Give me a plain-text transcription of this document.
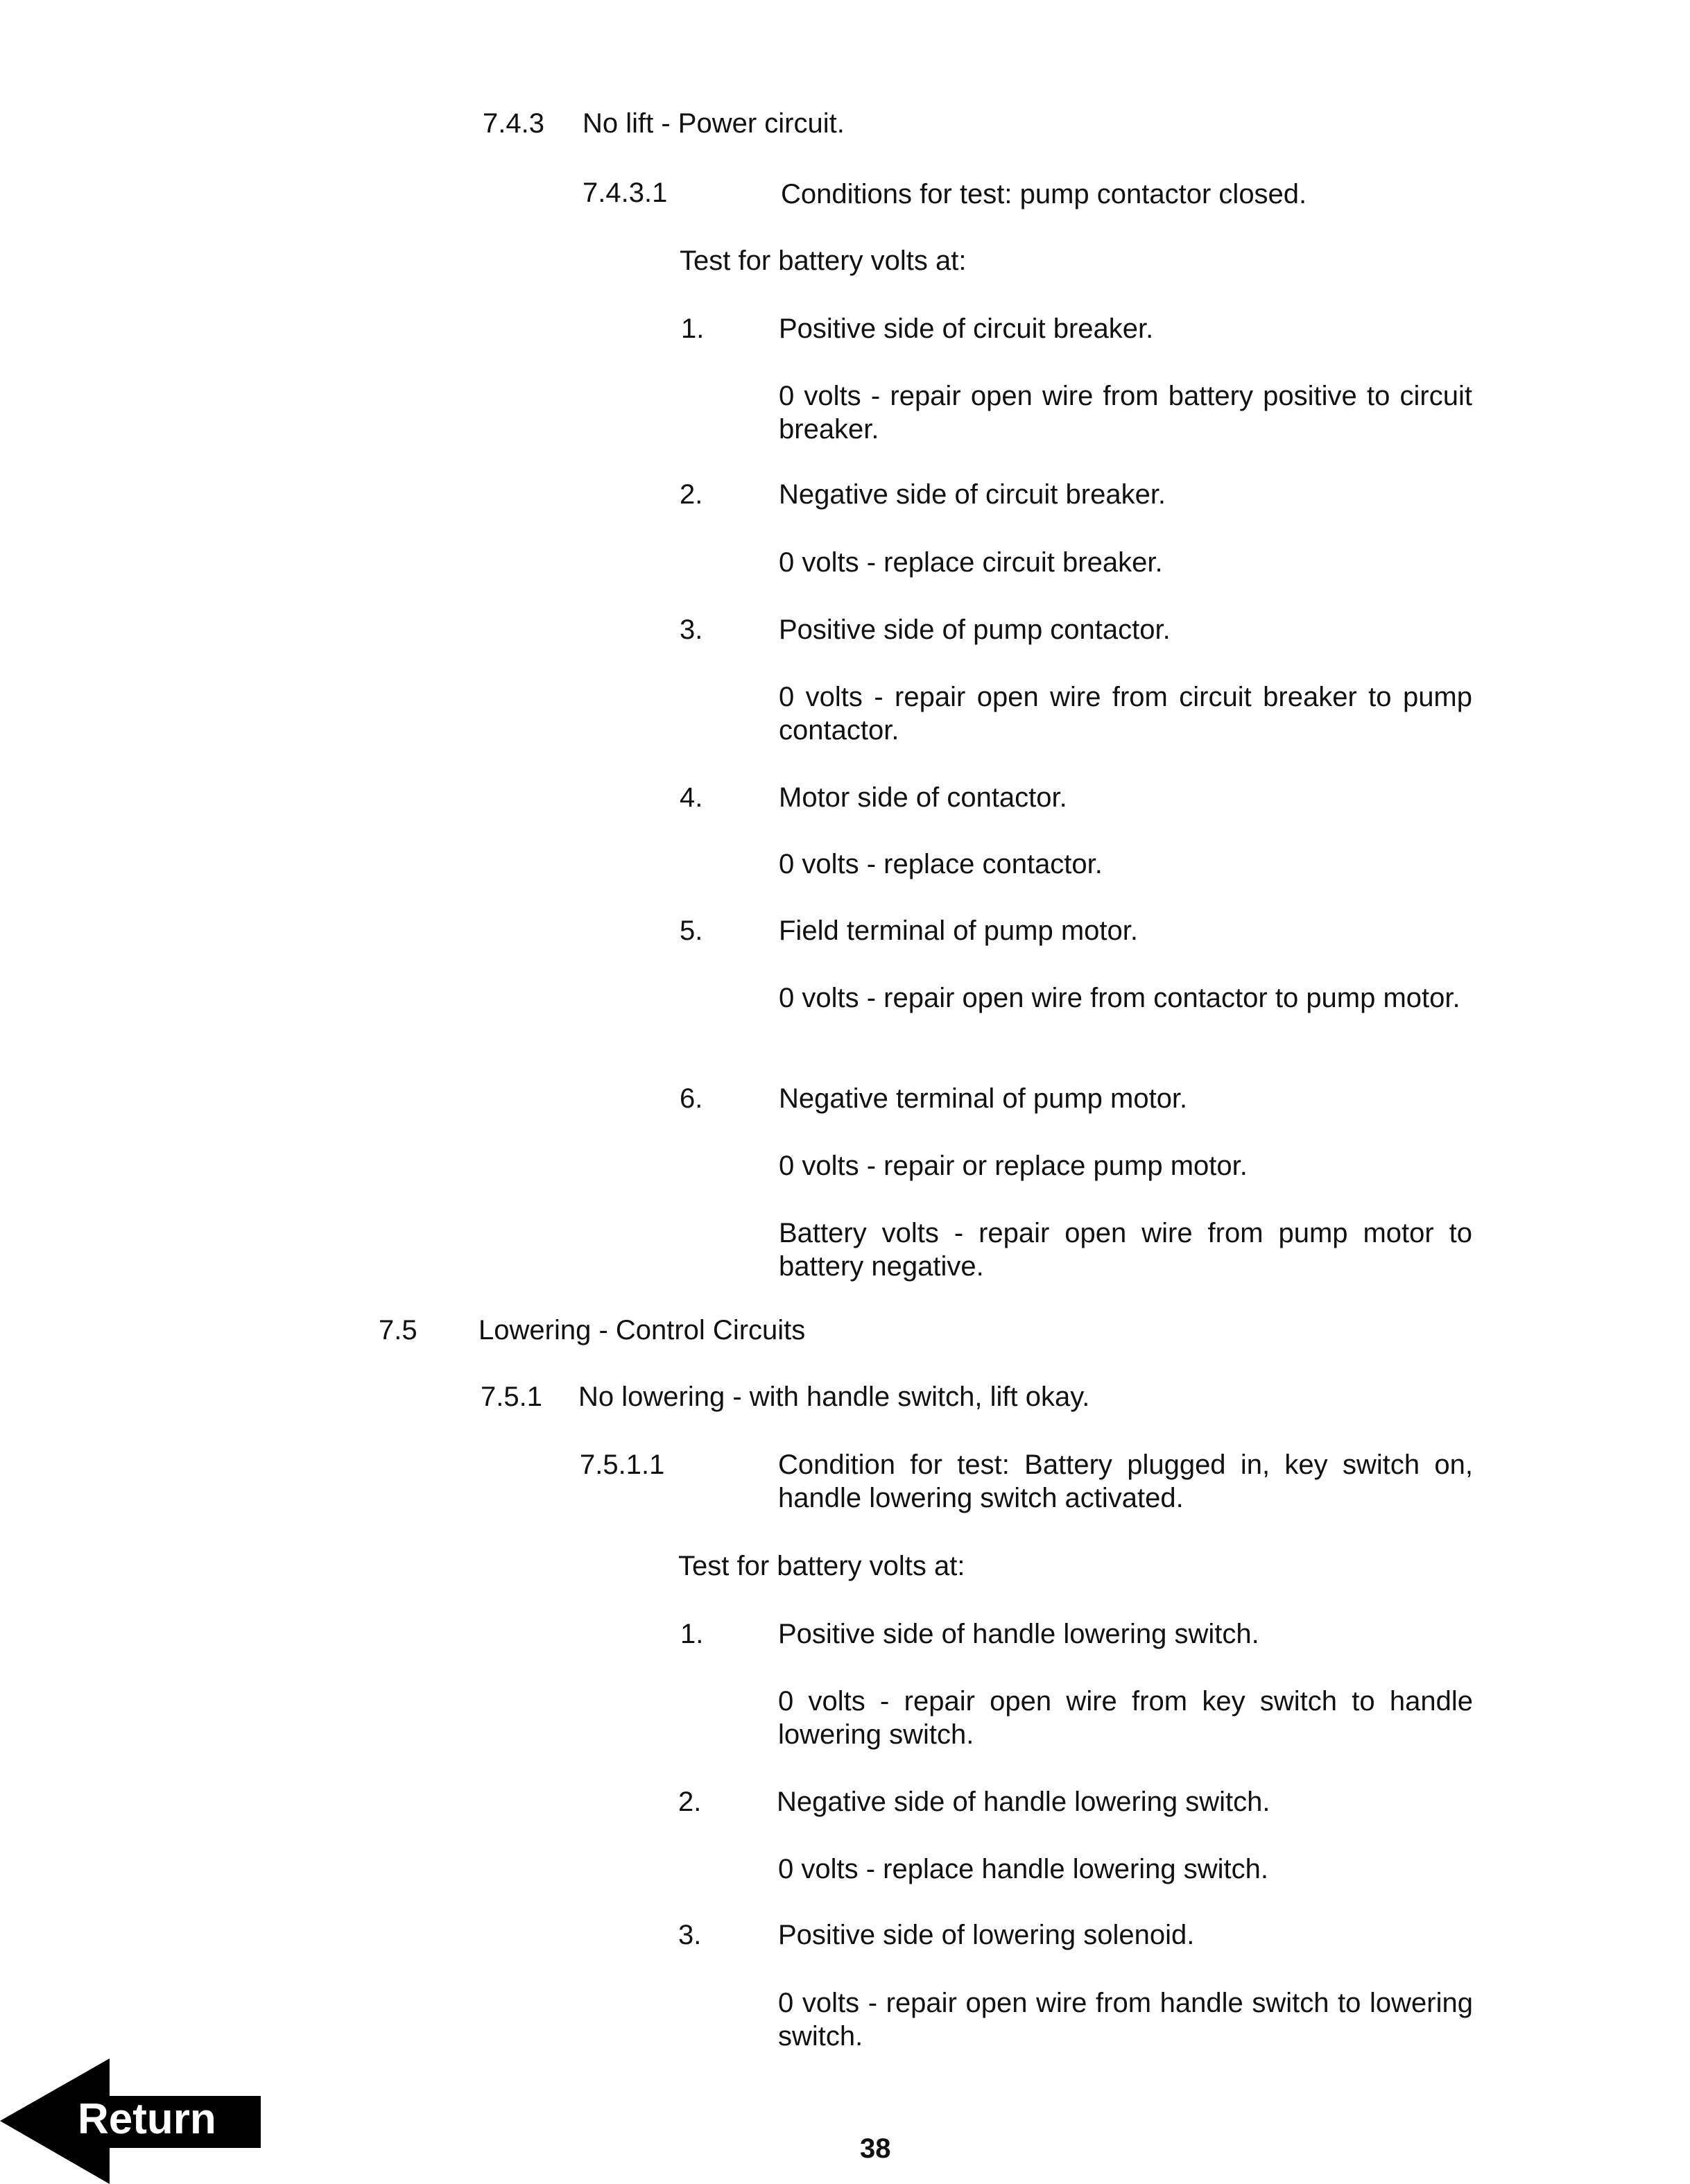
7.4.3 No lift - Power circuit.
7.4.3.1	Conditions for test: pump contactor closed.
Test for battery volts at:
1.	Positive side of circuit breaker.
0 volts - repair open wire from battery positive to circuit breaker.
2.	Negative side of circuit breaker.
0 volts - replace circuit breaker.
3.	Positive side of pump contactor.
0 volts - repair open wire from circuit breaker to pump contactor.
4.	Motor side of contactor.
0 volts - replace contactor.
5.	Field terminal of pump motor.
0 volts - repair open wire from contactor to pump motor.
6.	Negative terminal of pump motor.
0 volts - repair or replace pump motor.
Battery volts - repair open wire from pump motor to battery negative.
7.5 Lowering - Control Circuits
7.5.1 No lowering - with handle switch, lift okay.
7.5.1.1	Condition for test: Battery plugged in, key switch on, handle lowering switch activated.
Test for battery volts at:
1.	Positive side of handle lowering switch.
0 volts - repair open wire from key switch to handle lowering switch.
2.	Negative side of handle lowering switch.
0 volts - replace handle lowering switch.
3.	Positive side of lowering solenoid.
0 volts - repair open wire from handle switch to lowering switch.
Return
38
